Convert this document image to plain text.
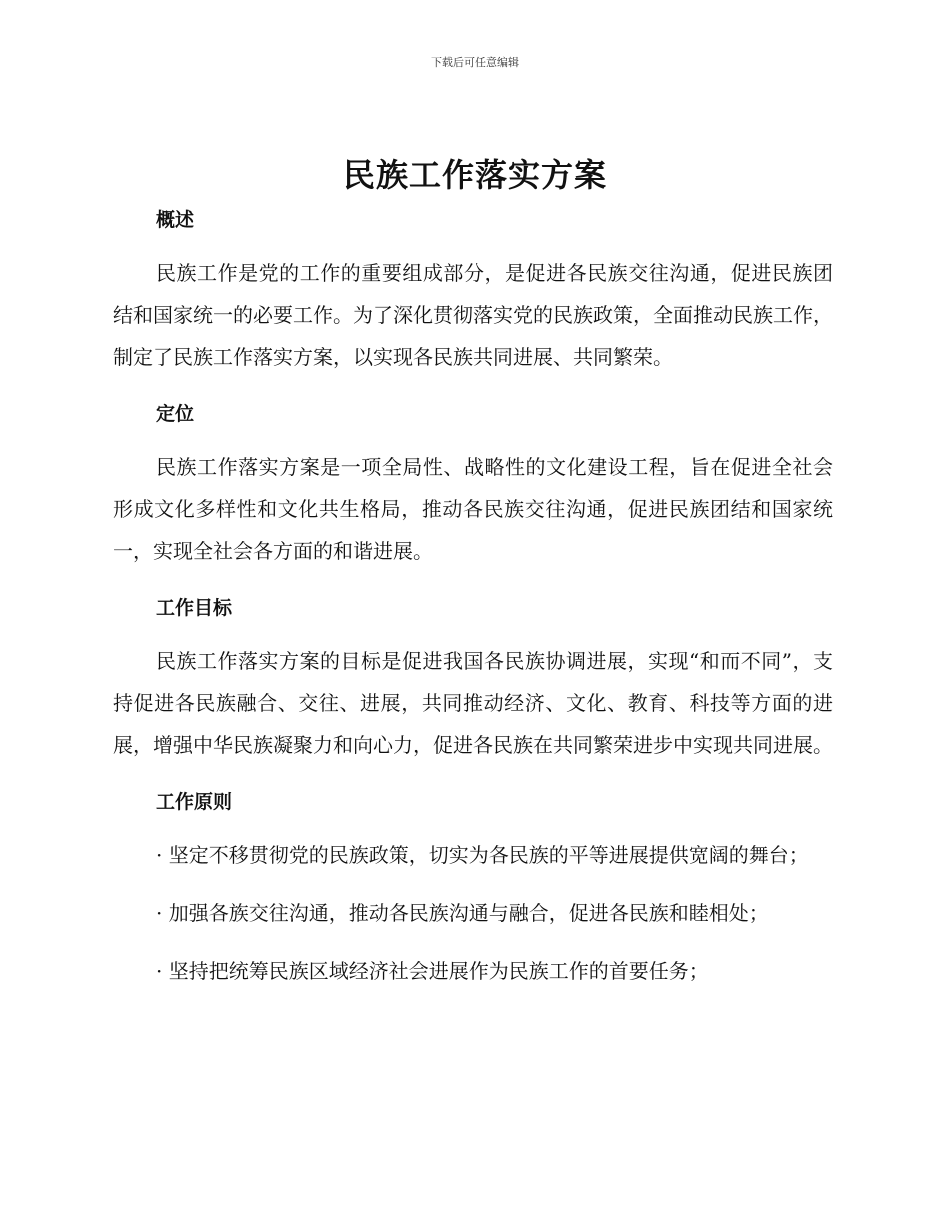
下载后可任意编辑
民族工作落实方案
概述

民族工作是党的工作的重要组成部分，是促进各民族交往沟通，促进民族团结和国家统一的必要工作。为了深化贯彻落实党的民族政策，全面推动民族工作，制定了民族工作落实方案，以实现各民族共同进展、共同繁荣。

定位

民族工作落实方案是一项全局性、战略性的文化建设工程，旨在促进全社会形成文化多样性和文化共生格局，推动各民族交往沟通，促进民族团结和国家统一，实现全社会各方面的和谐进展。

工作目标

民族工作落实方案的目标是促进我国各民族协调进展，实现“和而不同”，支持促进各民族融合、交往、进展，共同推动经济、文化、教育、科技等方面的进展，增强中华民族凝聚力和向心力，促进各民族在共同繁荣进步中实现共同进展。

工作原则

· 坚定不移贯彻党的民族政策，切实为各民族的平等进展提供宽阔的舞台；

· 加强各族交往沟通，推动各民族沟通与融合，促进各民族和睦相处；

· 坚持把统筹民族区域经济社会进展作为民族工作的首要任务；
